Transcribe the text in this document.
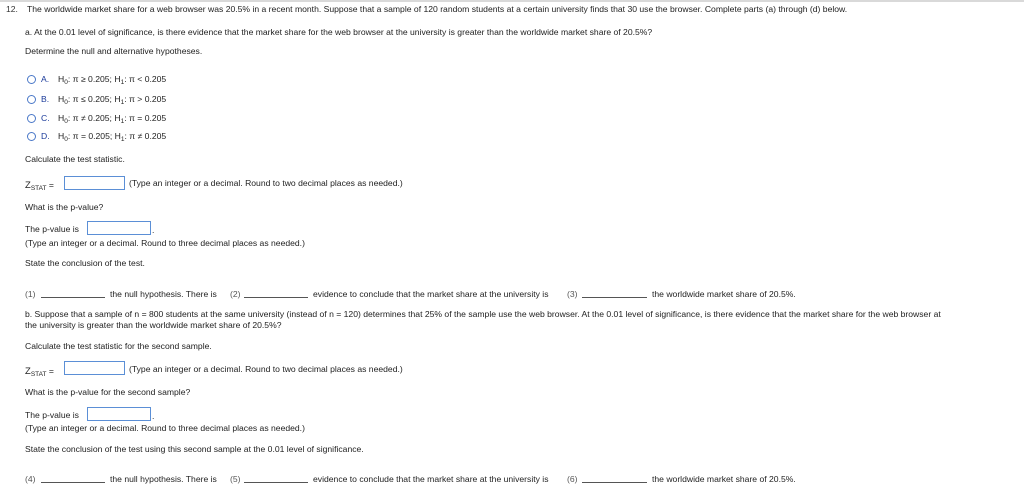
12. The worldwide market share for a web browser was 20.5% in a recent month. Suppose that a sample of 120 random students at a certain university finds that 30 use the browser. Complete parts (a) through (d) below.
a. At the 0.01 level of significance, is there evidence that the market share for the web browser at the university is greater than the worldwide market share of 20.5%?
Determine the null and alternative hypotheses.
A. $H_0$: π ≥ 0.205; $H_1$: π < 0.205
B. $H_0$: π ≤ 0.205; $H_1$: π > 0.205
C. $H_0$: π ≠ 0.205; $H_1$: π = 0.205
D. $H_0$: π = 0.205; $H_1$: π ≠ 0.205
Calculate the test statistic.
$Z_{STAT}$ =	(Type an integer or a decimal. Round to two decimal places as needed.)
What is the p-value?
The p-value is	.
(Type an integer or a decimal. Round to three decimal places as needed.)
State the conclusion of the test.
(1)	the null hypothesis. There is (2)	evidence to conclude that the market share at the university is (3)	the worldwide market share of 20.5%.
b. Suppose that a sample of n = 800 students at the same university (instead of n = 120) determines that 25% of the sample use the web browser. At the 0.01 level of significance, is there evidence that the market share for the web browser at
the university is greater than the worldwide market share of 20.5%?
Calculate the test statistic for the second sample.
$Z_{STAT}$ =	(Type an integer or a decimal. Round to two decimal places as needed.)
What is the p-value for the second sample?
The p-value is	.
(Type an integer or a decimal. Round to three decimal places as needed.)
State the conclusion of the test using this second sample at the 0.01 level of significance.
(4)	the null hypothesis. There is (5)	evidence to conclude that the market share at the university is (6)	the worldwide market share of 20.5%.
